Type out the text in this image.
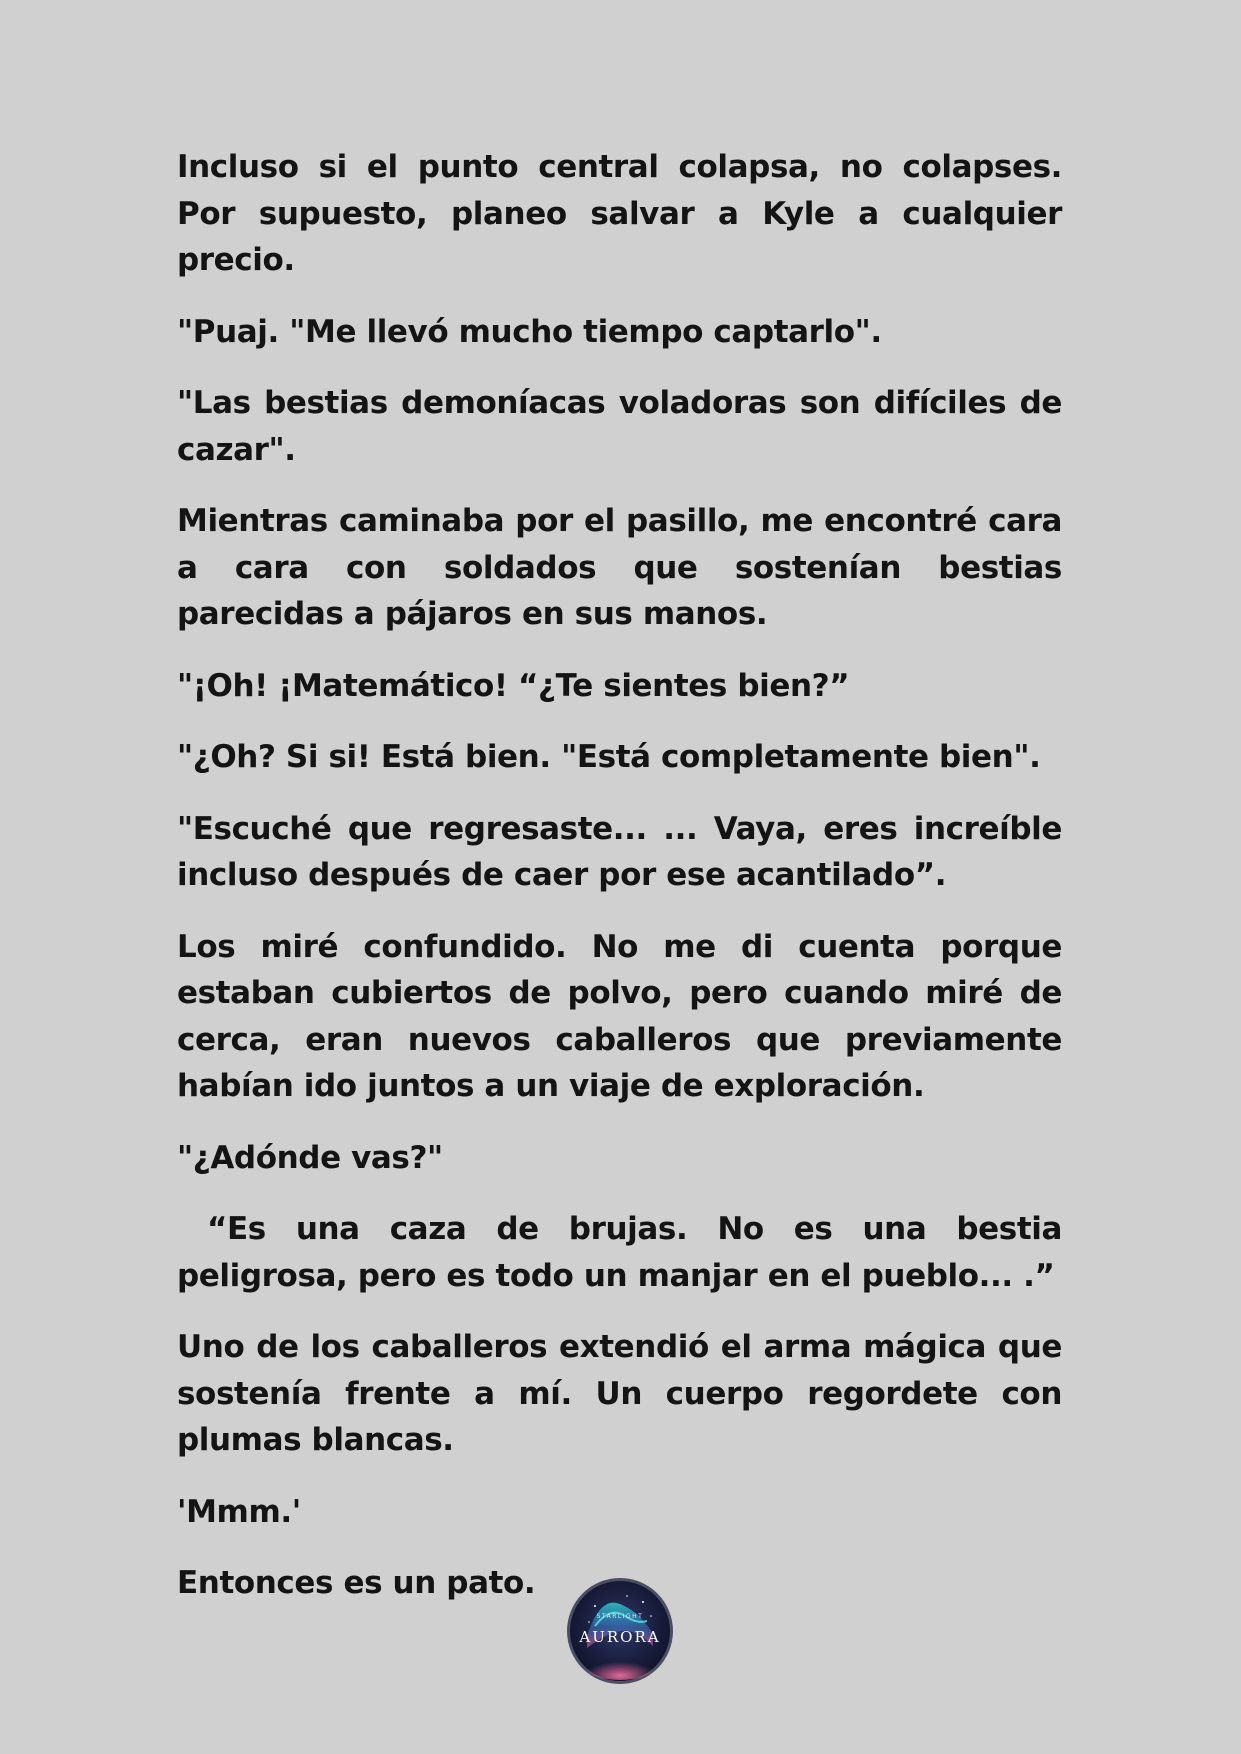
Incluso si el punto central colapsa, no colapses. Por supuesto, planeo salvar a Kyle a cualquier precio.

"Puaj. "Me llevó mucho tiempo captarlo".

"Las bestias demoníacas voladoras son difíciles de cazar".

Mientras caminaba por el pasillo, me encontré cara a cara con soldados que sostenían bestias parecidas a pájaros en sus manos.

"¡Oh! ¡Matemático! “¿Te sientes bien?”

"¿Oh? Si si! Está bien. "Está completamente bien".

"Escuché que regresaste... ... Vaya, eres increíble incluso después de caer por ese acantilado”.

Los miré confundido. No me di cuenta porque estaban cubiertos de polvo, pero cuando miré de cerca, eran nuevos caballeros que previamente habían ido juntos a un viaje de exploración.

"¿Adónde vas?"

“Es una caza de brujas. No es una bestia peligrosa, pero es todo un manjar en el pueblo... .”

Uno de los caballeros extendió el arma mágica que sostenía frente a mí. Un cuerpo regordete con plumas blancas.

'Mmm.'

Entonces es un pato.

STARLIGHT
AURORA
